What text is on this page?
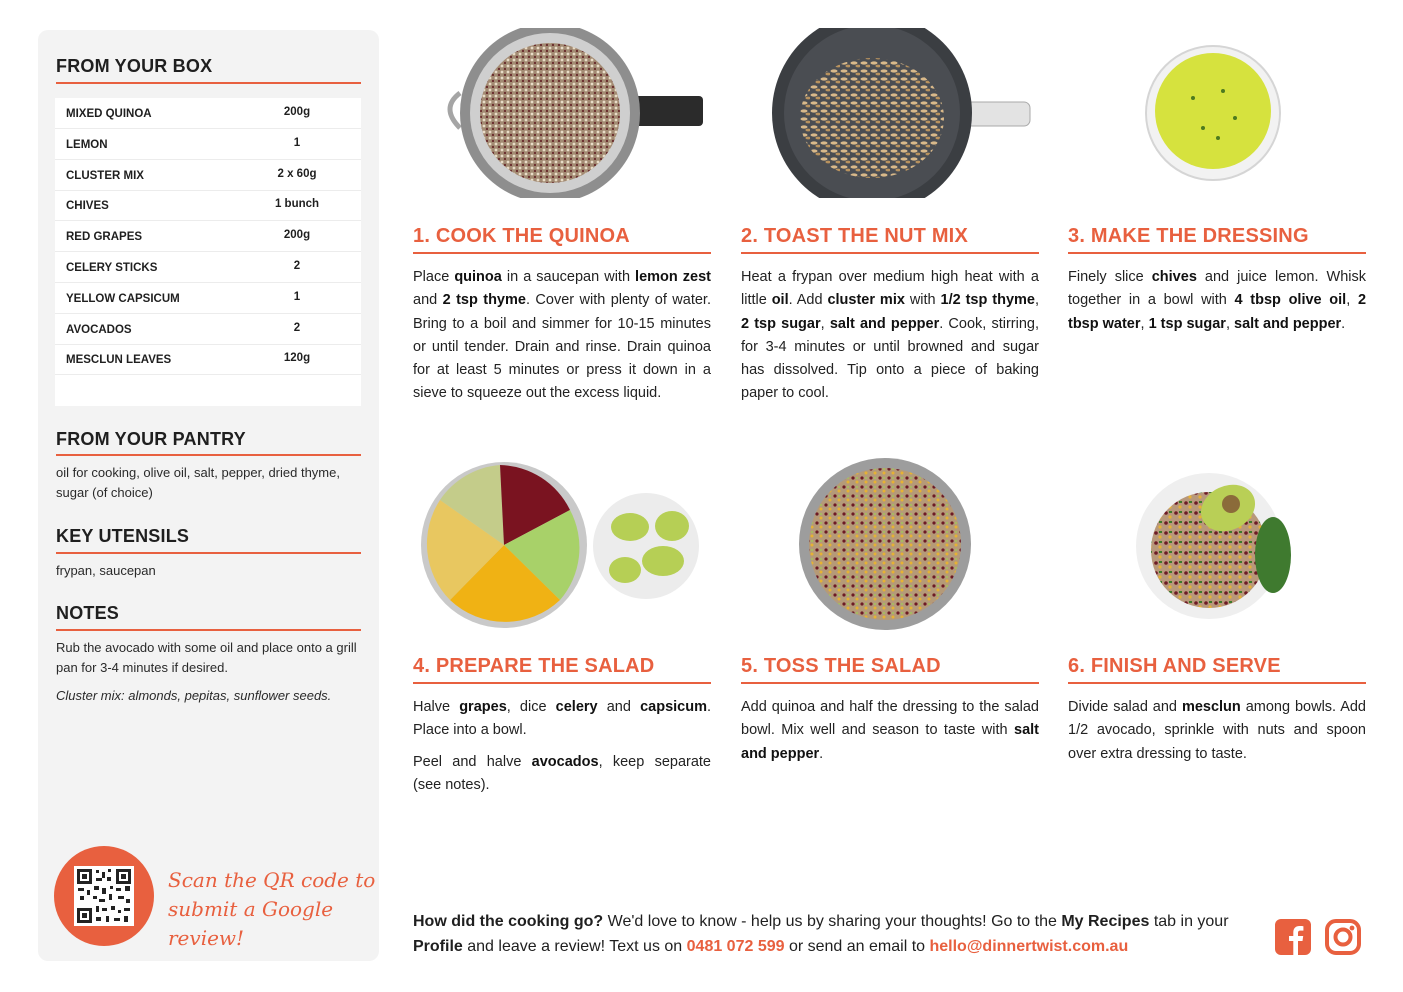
FROM YOUR BOX
MIXED QUINOA	200g
LEMON	1
CLUSTER MIX	2 x 60g
CHIVES	1 bunch
RED GRAPES	200g
CELERY STICKS	2
YELLOW CAPSICUM	1
AVOCADOS	2
MESCLUN LEAVES	120g
FROM YOUR PANTRY
oil for cooking, olive oil, salt, pepper, dried thyme, sugar (of choice)
KEY UTENSILS
frypan, saucepan
NOTES
Rub the avocado with some oil and place onto a grill pan for 3-4 minutes if desired.
Cluster mix: almonds, pepitas, sunflower seeds.
Scan the QR code to
submit a Google review!
1. COOK THE QUINOA
Place quinoa in a saucepan with lemon zest and 2 tsp thyme. Cover with plenty of water. Bring to a boil and simmer for 10-15 minutes or until tender. Drain and rinse. Drain quinoa for at least 5 minutes or press it down in a sieve to squeeze out the excess liquid.
2. TOAST THE NUT MIX
Heat a frypan over medium high heat with a little oil. Add cluster mix with 1/2 tsp thyme, 2 tsp sugar, salt and pepper. Cook, stirring, for 3-4 minutes or until browned and sugar has dissolved. Tip onto a piece of baking paper to cool.
3. MAKE THE DRESSING
Finely slice chives and juice lemon. Whisk together in a bowl with 4 tbsp olive oil, 2 tbsp water, 1 tsp sugar, salt and pepper.
4. PREPARE THE SALAD
Halve grapes, dice celery and capsicum. Place into a bowl.
Peel and halve avocados, keep separate (see notes).
5. TOSS THE SALAD
Add quinoa and half the dressing to the salad bowl. Mix well and season to taste with salt and pepper.
6. FINISH AND SERVE
Divide salad and mesclun among bowls. Add 1/2 avocado, sprinkle with nuts and spoon over extra dressing to taste.
How did the cooking go? We'd love to know - help us by sharing your thoughts! Go to the My Recipes tab in your Profile and leave a review! Text us on 0481 072 599 or send an email to hello@dinnertwist.com.au
